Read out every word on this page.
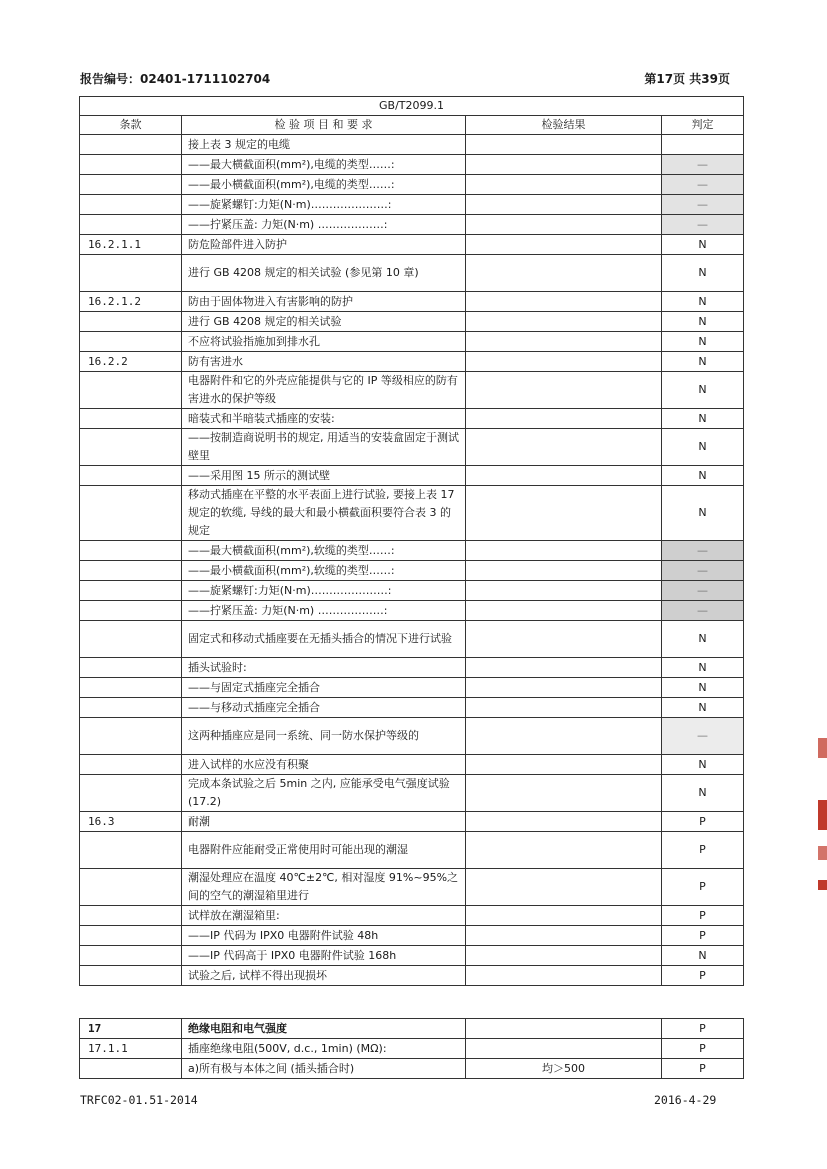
报告编号：02401-1711102704	第17页 共39页
GB/T2099.1			
条款	检 验 项 目 和 要 求	检验结果	判定
	接上表 3 规定的电缆		
	——最大横截面积(mm²),电缆的类型……:		—
	——最小横截面积(mm²),电缆的类型……:		—
	——旋紧螺钉:力矩(N·m)…………………:		—
	——拧紧压盖: 力矩(N·m) ………………:		—
16.2.1.1	防危险部件进入防护		N
	进行 GB 4208 规定的相关试验 (参见第 10 章)		N
16.2.1.2	防由于固体物进入有害影响的防护		N
	进行 GB 4208 规定的相关试验		N
	不应将试验指施加到排水孔		N
16.2.2	防有害进水		N
	电器附件和它的外壳应能提供与它的 IP 等级相应的防有害进水的保护等级		N
	暗装式和半暗装式插座的安装:		N
	——按制造商说明书的规定, 用适当的安装盒固定于测试壁里		N
	——采用图 15 所示的测试壁		N
	移动式插座在平整的水平表面上进行试验, 要接上表 17 规定的软缆, 导线的最大和最小横截面积要符合表 3 的规定		N
	——最大横截面积(mm²),软缆的类型……:		—
	——最小横截面积(mm²),软缆的类型……:		—
	——旋紧螺钉:力矩(N·m)…………………:		—
	——拧紧压盖: 力矩(N·m) ………………:		—
	固定式和移动式插座要在无插头插合的情况下进行试验		N
	插头试验时:		N
	——与固定式插座完全插合		N
	——与移动式插座完全插合		N
	这两种插座应是同一系统、同一防水保护等级的		—
	进入试样的水应没有积聚		N
	完成本条试验之后 5min 之内, 应能承受电气强度试验 (17.2)		N
16.3	耐潮		P
	电器附件应能耐受正常使用时可能出现的潮湿		P
	潮湿处理应在温度 40℃±2℃, 相对湿度 91%~95%之间的空气的潮湿箱里进行		P
	试样放在潮湿箱里:		P
	——IP 代码为 IPX0 电器附件试验 48h		P
	——IP 代码高于 IPX0 电器附件试验 168h		N
	试验之后, 试样不得出现损坏		P
17	绝缘电阻和电气强度		P
17.1.1	插座绝缘电阻(500V, d.c., 1min) (MΩ):		P
	a)所有极与本体之间 (插头插合时)	均＞500	P
TRFC02-01.51-2014	2016-4-29
